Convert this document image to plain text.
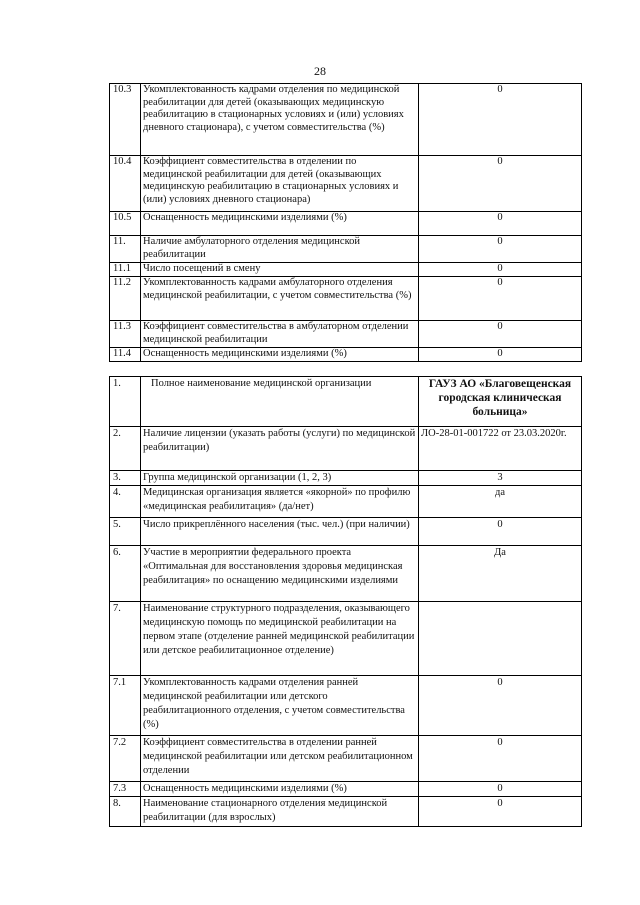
28
10.3	Укомплектованность кадрами отделения по медицинской реабилитации для детей (оказывающих медицинскую реабилитацию в стационарных условиях и (или) условиях дневного стационара), с учетом совместительства (%)	0
10.4	Коэффициент совместительства в отделении по медицинской реабилитации для детей (оказывающих медицинскую реабилитацию в стационарных условиях и (или) условиях дневного стационара)	0
10.5	Оснащенность медицинскими изделиями (%)	0
11.	Наличие амбулаторного отделения медицинской реабилитации	0
11.1	Число посещений в смену	0
11.2	Укомплектованность кадрами амбулаторного отделения медицинской реабилитации, с учетом совместительства (%)	0
11.3	Коэффициент совместительства в амбулаторном отделении медицинской реабилитации	0
11.4	Оснащенность медицинскими изделиями (%)	0
1.	Полное наименование медицинской организации	ГАУЗ АО «Благовещенская городская клиническая больница»
2.	Наличие лицензии (указать работы (услуги) по медицинской реабилитации)	ЛО-28-01-001722 от 23.03.2020г.
3.	Группа медицинской организации (1, 2, 3)	3
4.	Медицинская организация является «якорной» по профилю «медицинская реабилитация» (да/нет)	да
5.	Число прикреплённого населения (тыс. чел.) (при наличии)	0
6.	Участие в мероприятии федерального проекта «Оптимальная для восстановления здоровья медицинская реабилитация» по оснащению медицинскими изделиями	Да
7.	Наименование структурного подразделения, оказывающего медицинскую помощь по медицинской реабилитации на первом этапе (отделение ранней медицинской реабилитации или детское реабилитационное отделение)	
7.1	Укомплектованность кадрами отделения ранней медицинской реабилитации или детского реабилитационного отделения, с учетом совместительства (%)	0
7.2	Коэффициент совместительства в отделении ранней медицинской реабилитации или детском реабилитационном отделении	0
7.3	Оснащенность медицинскими изделиями (%)	0
8.	Наименование стационарного отделения медицинской реабилитации (для взрослых)	0
